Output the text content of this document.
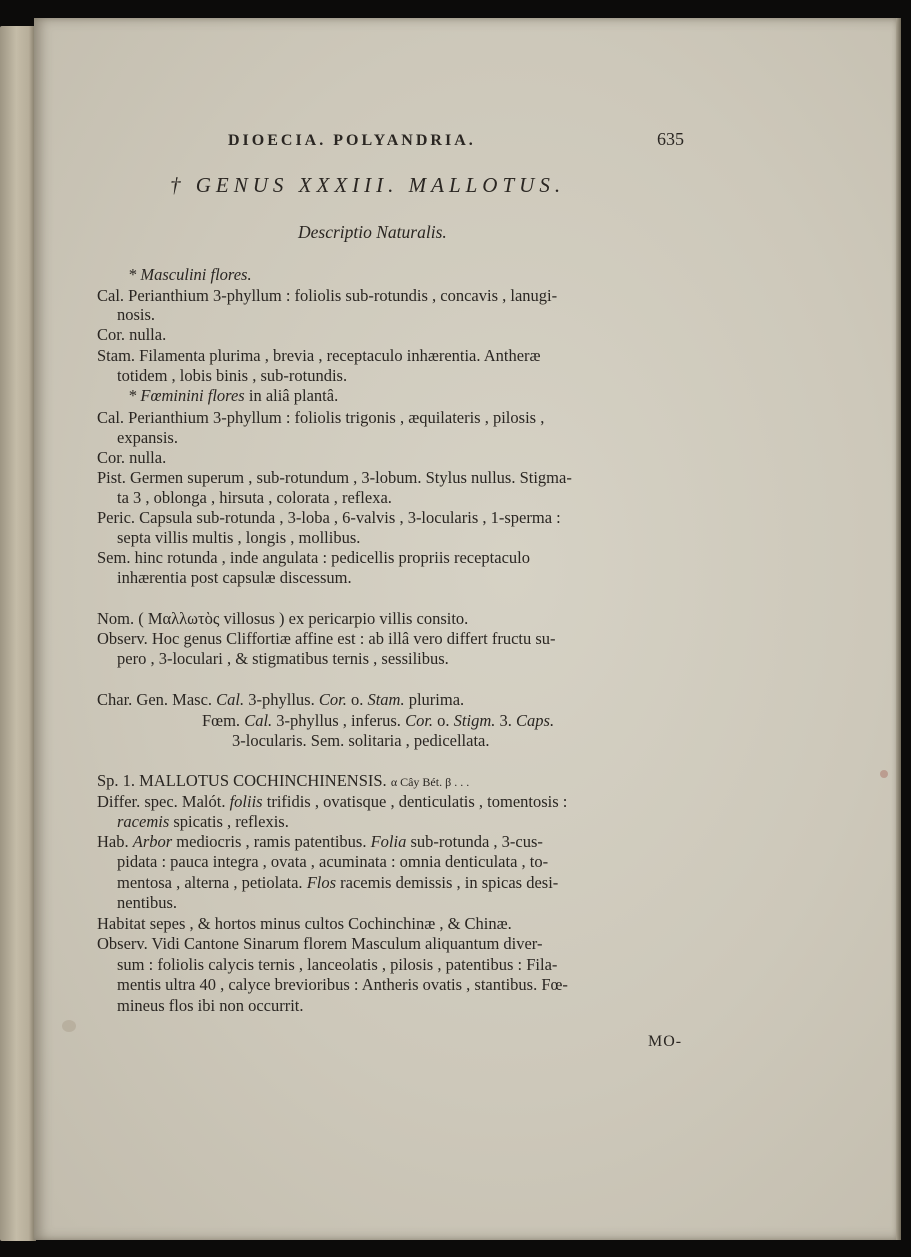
DIOECIA. POLYANDRIA.	635
† GENUS XXXIII. MALLOTUS.
Descriptio Naturalis.
* Masculini flores.
Cal. Perianthium 3-phyllum : foliolis sub-rotundis , concavis , lanugi-
nosis.
Cor. nulla.
Stam. Filamenta plurima , brevia , receptaculo inhærentia. Antheræ
totidem , lobis binis , sub-rotundis.
* Fœminini flores in aliâ plantâ.
Cal. Perianthium 3-phyllum : foliolis trigonis , æquilateris , pilosis ,
expansis.
Cor. nulla.
Pist. Germen superum , sub-rotundum , 3-lobum. Stylus nullus. Stigma-
ta 3 , oblonga , hirsuta , colorata , reflexa.
Peric. Capsula sub-rotunda , 3-loba , 6-valvis , 3-locularis , 1-sperma :
septa villis multis , longis , mollibus.
Sem. hinc rotunda , inde angulata : pedicellis propriis receptaculo
inhærentia post capsulæ discessum.
Nom. ( Μαλλωτὸς villosus ) ex pericarpio villis consito.
Observ. Hoc genus Cliffortiæ affine est : ab illâ vero differt fructu su-
pero , 3-loculari , & stigmatibus ternis , sessilibus.
Char. Gen. Masc. Cal. 3-phyllus. Cor. o. Stam. plurima.
Fœm. Cal. 3-phyllus , inferus. Cor. o. Stigm. 3. Caps.
3-locularis. Sem. solitaria , pedicellata.
Sp. 1. MALLOTUS COCHINCHINENSIS. α Cây Bét. β . . .
Differ. spec. Malót. foliis trifidis , ovatisque , denticulatis , tomentosis :
racemis spicatis , reflexis.
Hab. Arbor mediocris , ramis patentibus. Folia sub-rotunda , 3-cus-
pidata : pauca integra , ovata , acuminata : omnia denticulata , to-
mentosa , alterna , petiolata. Flos racemis demissis , in spicas desi-
nentibus.
Habitat sepes , & hortos minus cultos Cochinchinæ , & Chinæ.
Observ. Vidi Cantone Sinarum florem Masculum aliquantum diver-
sum : foliolis calycis ternis , lanceolatis , pilosis , patentibus : Fila-
mentis ultra 40 , calyce brevioribus : Antheris ovatis , stantibus. Fœ-
mineus flos ibi non occurrit.
MO-
